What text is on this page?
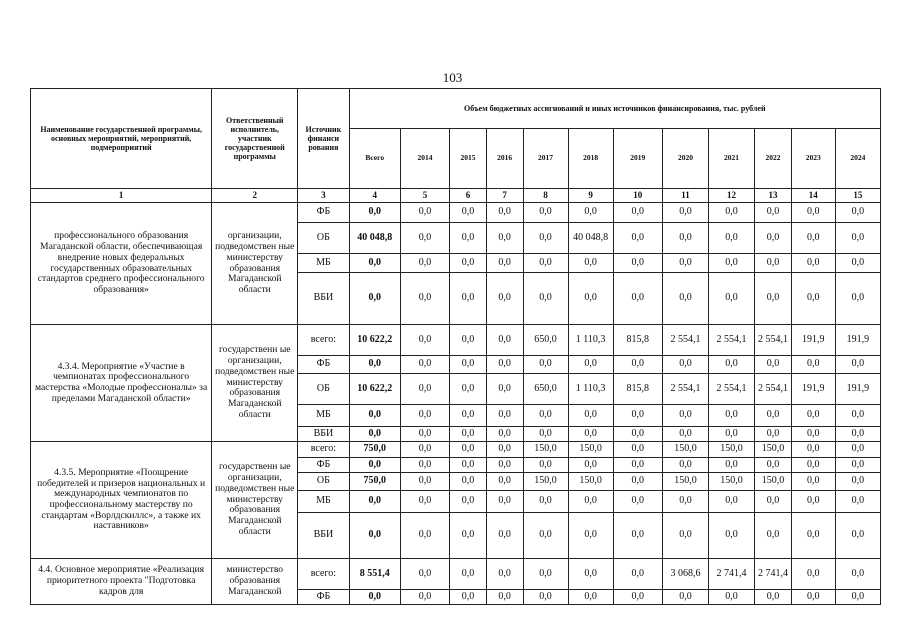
103
Наименование государственной программы, основных мероприятий, мероприятий, подмероприятий	Ответственный исполнитель, участник государственной программы	Источник финанси рования	Объем бюджетных ассигнований и иных источников финансирования, тыс. рублей											
			Всего	2014	2015	2016	2017	2018	2019	2020	2021	2022	2023	2024
1	2	3	4	5	6	7	8	9	10	11	12	13	14	15
профессионального образования Магаданской области, обеспечивающая внедрение новых федеральных государственных образовательных стандартов среднего профессионального образования»	организации, подведомствен ные министерству образования Магаданской области	ФБ	0,0	0,0	0,0	0,0	0,0	0,0	0,0	0,0	0,0	0,0	0,0	0,0
		ОБ	40 048,8	0,0	0,0	0,0	0,0	40 048,8	0,0	0,0	0,0	0,0	0,0	0,0
		МБ	0,0	0,0	0,0	0,0	0,0	0,0	0,0	0,0	0,0	0,0	0,0	0,0
		ВБИ	0,0	0,0	0,0	0,0	0,0	0,0	0,0	0,0	0,0	0,0	0,0	0,0
4.3.4. Мероприятие «Участие в чемпионатах профессионального мастерства «Молодые профессионалы» за пределами Магаданской области»	государственн ые организации, подведомствен ные министерству образования Магаданской области	всего:	10 622,2	0,0	0,0	0,0	650,0	1 110,3	815,8	2 554,1	2 554,1	2 554,1	191,9	191,9
		ФБ	0,0	0,0	0,0	0,0	0,0	0,0	0,0	0,0	0,0	0,0	0,0	0,0
		ОБ	10 622,2	0,0	0,0	0,0	650,0	1 110,3	815,8	2 554,1	2 554,1	2 554,1	191,9	191,9
		МБ	0,0	0,0	0,0	0,0	0,0	0,0	0,0	0,0	0,0	0,0	0,0	0,0
		ВБИ	0,0	0,0	0,0	0,0	0,0	0,0	0,0	0,0	0,0	0,0	0,0	0,0
4.3.5. Мероприятие «Поощрение победителей и призеров национальных и международных чемпионатов по профессиональному мастерству по стандартам «Ворлдскиллс», а также их наставников»	государственн ые организации, подведомствен ные министерству образования Магаданской области	всего:	750,0	0,0	0,0	0,0	150,0	150,0	0,0	150,0	150,0	150,0	0,0	0,0
		ФБ	0,0	0,0	0,0	0,0	0,0	0,0	0,0	0,0	0,0	0,0	0,0	0,0
		ОБ	750,0	0,0	0,0	0,0	150,0	150,0	0,0	150,0	150,0	150,0	0,0	0,0
		МБ	0,0	0,0	0,0	0,0	0,0	0,0	0,0	0,0	0,0	0,0	0,0	0,0
		ВБИ	0,0	0,0	0,0	0,0	0,0	0,0	0,0	0,0	0,0	0,0	0,0	0,0
4.4. Основное мероприятие «Реализация приоритетного проекта "Подготовка кадров для	министерство образования Магаданской	всего:	8 551,4	0,0	0,0	0,0	0,0	0,0	0,0	3 068,6	2 741,4	2 741,4	0,0	0,0
		ФБ	0,0	0,0	0,0	0,0	0,0	0,0	0,0	0,0	0,0	0,0	0,0	0,0
